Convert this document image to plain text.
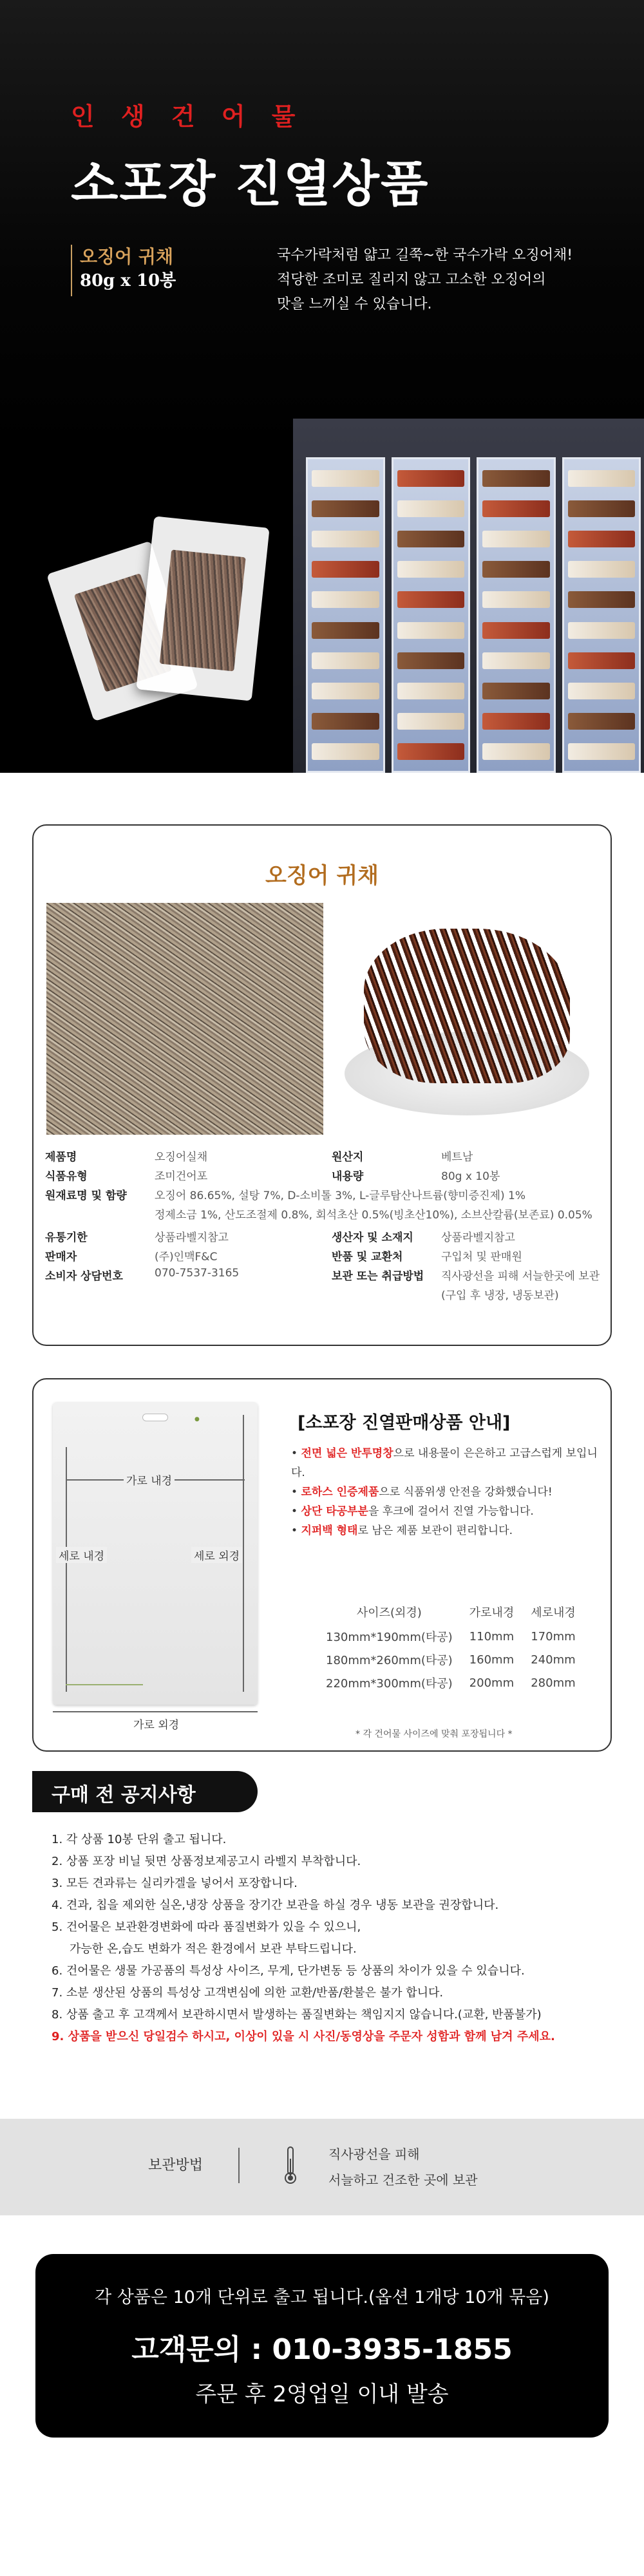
인 생 건 어 물
소포장 진열상품
오징어 귀채
80g x 10봉
국수가락처럼 얇고 길쭉~한 국수가락 오징어채!
적당한 조미로 질리지 않고 고소한 오징어의
맛을 느끼실 수 있습니다.
오징어 귀채
제품명	오징어실채	원산지	베트남
식품유형	조미건어포	내용량	80g x 10봉
원재료명 및 함량	오징어 86.65%, 설탕 7%, D-소비톨 3%, L-글루탐산나트륨(향미증진제) 1%
정제소금 1%, 산도조절제 0.8%, 회석초산 0.5%(빙초산10%), 소브산칼륨(보존료) 0.05%
유통기한	상품라벨지참고	생산자 및 소재지	상품라벨지참고
판매자	(주)인맥F&C	반품 및 교환처	구입처 및 판매원
소비자 상담번호	070-7537-3165	보관 또는 취급방법	직사광선을 피해 서늘한곳에 보관
(구입 후 냉장, 냉동보관)
●
가로 내경
세로 내경	세로 외경
가로 외경
[소포장 진열판매상품 안내]
• 전면 넓은 반투명창으로 내용물이 은은하고 고급스럽게 보입니다.
• 로하스 인증제품으로 식품위생 안전을 강화했습니다!
• 상단 타공부분을 후크에 걸어서 진열 가능합니다.
• 지퍼백 형태로 남은 제품 보관이 편리합니다.
사이즈(외경)	가로내경	세로내경
130mm*190mm(타공)	110mm	170mm
180mm*260mm(타공)	160mm	240mm
220mm*300mm(타공)	200mm	280mm
* 각 건어물 사이즈에 맞춰 포장됩니다 *
구매 전 공지사항
1. 각 상품 10봉 단위 출고 됩니다.
2. 상품 포장 비닐 뒷면 상품정보제공고시 라벨지 부착합니다.
3. 모든 견과류는 실리카겔을 넣어서 포장합니다.
4. 견과, 칩을 제외한 실온,냉장 상품을 장기간 보관을 하실 경우 냉동 보관을 권장합니다.
5. 건어물은 보관환경변화에 따라 품질변화가 있을 수 있으니,
가능한 온,습도 변화가 적은 환경에서 보관 부탁드립니다.
6. 건어물은 생물 가공품의 특성상 사이즈, 무게, 단가변동 등 상품의 차이가 있을 수 있습니다.
7. 소분 생산된 상품의 특성상 고객변심에 의한 교환/반품/환불은 불가 합니다.
8. 상품 출고 후 고객께서 보관하시면서 발생하는 품질변화는 책임지지 않습니다.(교환, 반품불가)
9. 상품을 받으신 당일검수 하시고, 이상이 있을 시 사진/동영상을 주문자 성함과 함께 남겨 주세요.
보관방법
직사광선을 피해
서늘하고 건조한 곳에 보관
각 상품은 10개 단위로 출고 됩니다.(옵션 1개당 10개 묶음)
고객문의 : 010-3935-1855
주문 후 2영업일 이내 발송
